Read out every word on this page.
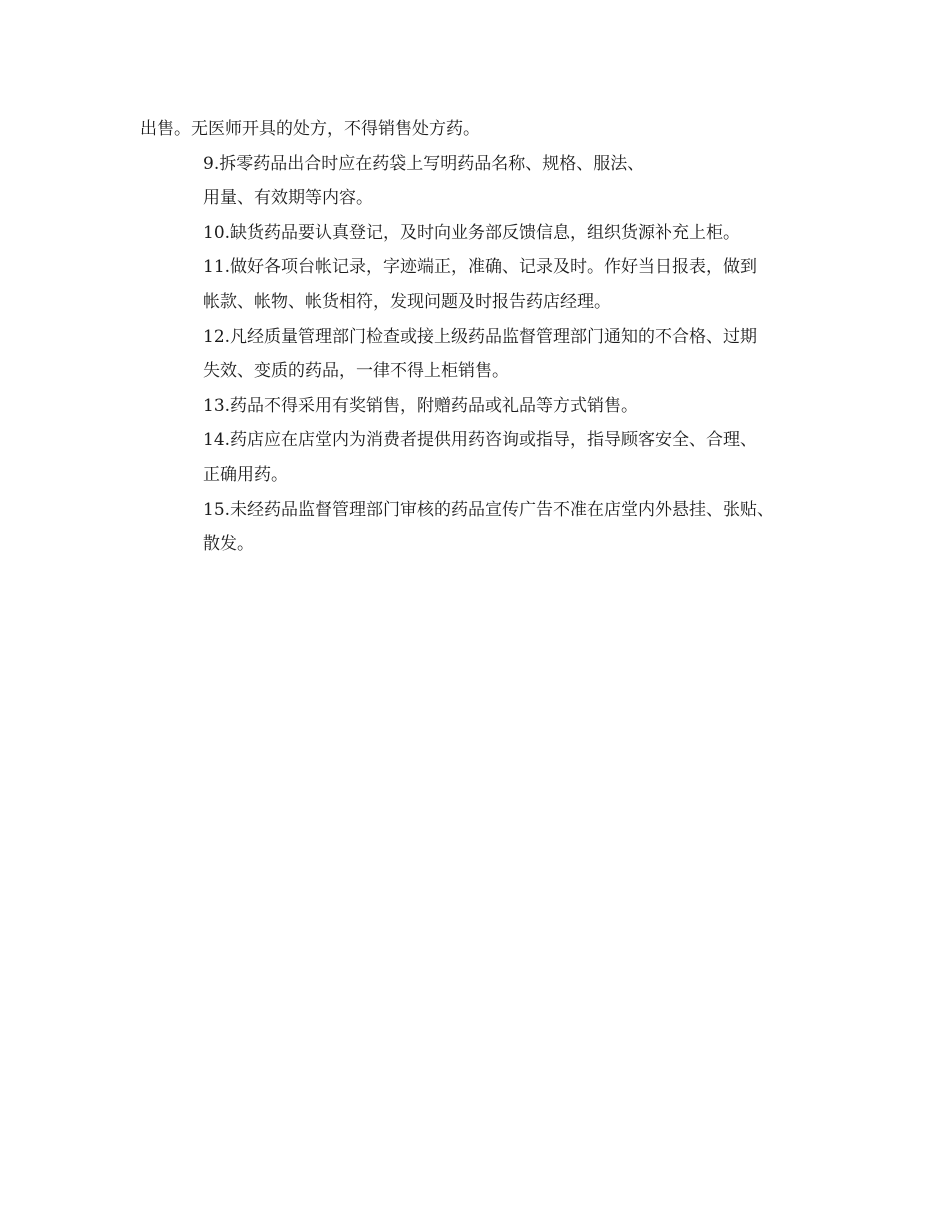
出售。无医师开具的处方，不得销售处方药。

9.拆零药品出合时应在药袋上写明药品名称、规格、服法、
用量、有效期等内容。

10.缺货药品要认真登记，及时向业务部反馈信息，组织货源补充上柜。

11.做好各项台帐记录，字迹端正，准确、记录及时。作好当日报表，做到
帐款、帐物、帐货相符，发现问题及时报告药店经理。

12.凡经质量管理部门检查或接上级药品监督管理部门通知的不合格、过期
失效、变质的药品，一律不得上柜销售。

13.药品不得采用有奖销售，附赠药品或礼品等方式销售。

14.药店应在店堂内为消费者提供用药咨询或指导，指导顾客安全、合理、
正确用药。

15.未经药品监督管理部门审核的药品宣传广告不准在店堂内外悬挂、张贴、
散发。
